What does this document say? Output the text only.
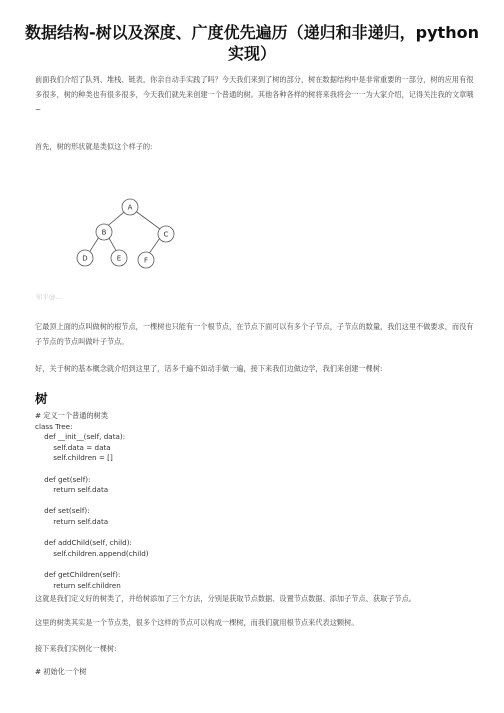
数据结构-树以及深度、广度优先遍历（递归和非递归，python实现）
前面我们介绍了队列、堆栈、链表，你亲自动手实践了吗？今天我们来到了树的部分，树在数据结构中是非常重要的一部分，树的应用有很多很多，树的种类也有很多很多，今天我们就先来创建一个普通的树。其他各种各样的树将来我将会一一为大家介绍，记得关注我的文章哦~
首先，树的形状就是类似这个样子的:
A
B	C
D	E	F
知乎@…
它最顶上面的点叫做树的根节点，一棵树也只能有一个根节点，在节点下面可以有多个子节点，子节点的数量，我们这里不做要求，而没有子节点的节点叫做叶子节点。
好，关于树的基本概念就介绍到这里了，话多千遍不如动手做一遍，接下来我们边做边学，我们来创建一棵树:
树
# 定义一个普通的树类
class Tree:
def __init__(self, data):
self.data = data
self.children = []
def get(self):
return self.data
def set(self):
return self.data
def addChild(self, child):
self.children.append(child)
def getChildren(self):
return self.children
这就是我们定义好的树类了，并给树添加了三个方法，分别是获取节点数据、设置节点数据、添加子节点、获取子节点。
这里的树类其实是一个节点类，很多个这样的节点可以构成一棵树，而我们就用根节点来代表这颗树。
接下来我们实例化一棵树:
# 初始化一个树
